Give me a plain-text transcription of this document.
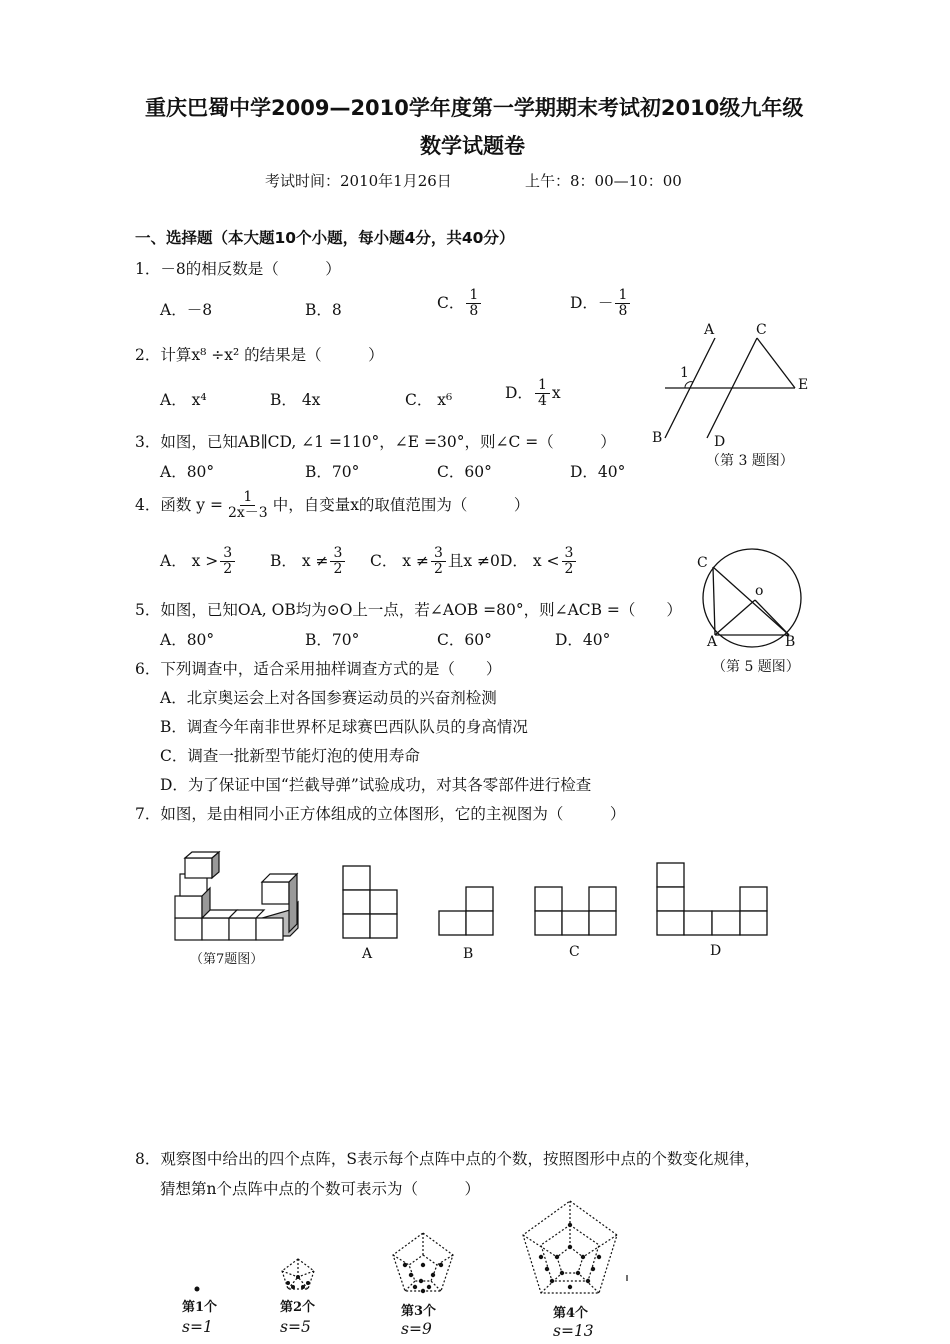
重庆巴蜀中学2009—2010学年度第一学期期末考试初2010级九年级
数学试题卷
考试时间：2010年1月26日	上午：8：00—10：00
一、选择题（本大题10个小题，每小题4分，共40分）
1．－8的相反数是（　　　）
A．－8	B．8	C． $\frac{1}{8}$	D．－ $\frac{1}{8}$
2．计算x⁸ ÷x² 的结果是（　　　）
A． x⁴	B． 4x	C． x⁶	D． $\frac{1}{4}$ x
3．如图，已知AB∥CD, ∠1 =110°，∠E =30°，则∠C =（　　　）
A．80°	B．70°	C．60°	D．40°
A	C
E
1
B	D
（第 3 题图）
4．函数 $y = \frac{1}{2x-3}$ 中，自变量x的取值范围为（　　　）
A． $x > \frac{3}{2}$ B． $x \ne \frac{3}{2}$ C． $x \ne \frac{3}{2}$ 且x ≠0 D． $x < \frac{3}{2}$
5．如图，已知OA, OB均为⊙O上一点，若∠AOB =80°，则∠ACB =（　　）
A．80°	B．70°	C．60°	D．40°
C
o
A	B
（第 5 题图）
6．下列调查中，适合采用抽样调查方式的是（　　）
A．北京奥运会上对各国参赛运动员的兴奋剂检测
B．调查今年南非世界杯足球赛巴西队队员的身高情况
C．调查一批新型节能灯泡的使用寿命
D．为了保证中国“拦截导弹”试验成功，对其各零部件进行检查
7．如图，是由相同小正方体组成的立体图形，它的主视图为（　　　）
（第7题图）	A	B	C	D
8．观察图中给出的四个点阵，S表示每个点阵中点的个数，按照图形中点的个数变化规律，
猜想第n个点阵中点的个数可表示为（　　　）
第1个
s=1
第2个
s=5
第3个
s=9
第4个
s=13
